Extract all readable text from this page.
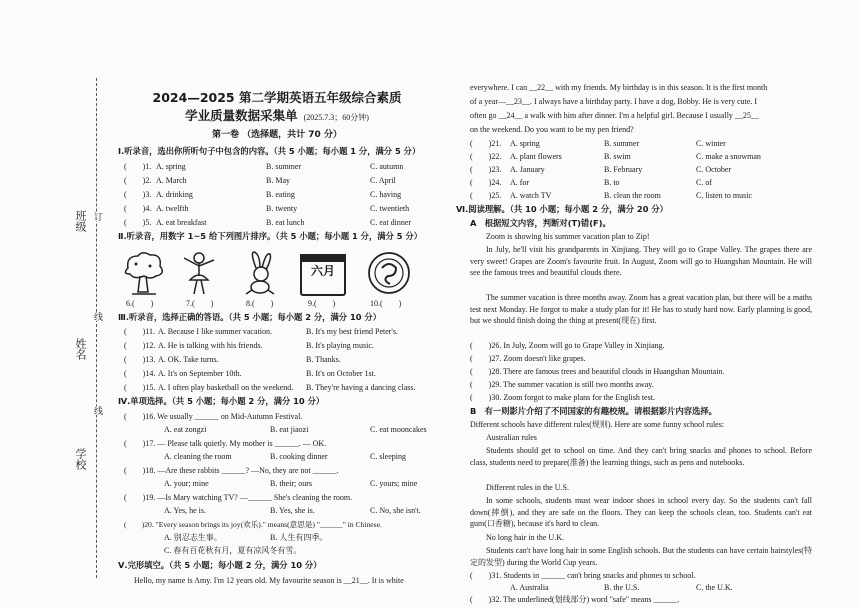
班级
姓名
学校
订
线
线
2024—2025 第二学期英语五年级综合素质
学业质量数据采集单 (2025.7.3；60分钟)
第一卷 （选择题，共计 70 分）
Ⅰ.听录音，选出你所听句子中包含的内容。（共 5 小题；每小题 1 分，满分 5 分）
(　　)1. A. spring	B. summer	C. autumn
(　　)2. A. March	B. May	C. April
(　　)3. A. drinking	B. eating	C. having
(　　)4. A. twelfth	B. twenty	C. twentieth
(　　)5. A. eat breakfast	B. eat lunch	C. eat dinner
Ⅱ.听录音，用数字 1~5 给下列图片排序。（共 5 小题；每小题 1 分，满分 5 分）
六月
6.(　　)	7.(　　)	8.(　　)	9.(　　)	10.(　　)
Ⅲ.听录音，选择正确的答语。（共 5 小题；每小题 2 分，满分 10 分）
(　　)11. A. Because I like summer vacation.	B. It's my best friend Peter's.
(　　)12. A. He is talking with his friends.	B. It's playing music.
(　　)13. A. OK. Take turns.	B. Thanks.
(　　)14. A. It's on September 10th.	B. It's on October 1st.
(　　)15. A. I often play basketball on the weekend. B. They're having a dancing class.
Ⅳ.单项选择。（共 5 小题；每小题 2 分，满分 10 分）
(　　)16. We usually ______ on Mid-Autumn Festival.
A. eat zongzi	B. eat jiaozi	C. eat mooncakes
(　　)17. — Please talk quietly. My mother is ______. — OK.
A. cleaning the room	B. cooking dinner	C. sleeping
(　　)18. —Are these rabbits ______? —No, they are not ______.
A. your; mine	B. their; ours	C. yours; mine
(　　)19. —Is Mary watching TV? —______ She's cleaning the room.
A. Yes, he is.	B. Yes, she is.	C. No, she isn't.
(　　)20. "Every season brings its joy(欢乐)." means(意思是) "______" in Chinese.
A. 别忍志生事。	B. 人生有四季。
C. 春有百花秋有月，夏有凉风冬有雪。
Ⅴ.完形填空。（共 5 小题；每小题 2 分，满分 10 分）
Hello, my name is Amy. I'm 12 years old. My favourite season is __21__. It is white
everywhere. I can __22__ with my friends. My birthday is in this season. It is the first month
of a year—__23__. I always have a birthday party. I have a dog, Bobby. He is very cute. I
often go __24__ a walk with him after dinner. I'm a helpful girl. Because I usually __25__
on the weekend. Do you want to be my pen friend?
(　　)21. A. spring	B. summer	C. winter
(　　)22. A. plant flowers	B. swim	C. make a snowman
(　　)23. A. January	B. February	C. October
(　　)24. A. for	B. to	C. of
(　　)25. A. watch TV	B. clean the room	C. listen to music
Ⅵ.阅读理解。（共 10 小题；每小题 2 分，满分 20 分）
A　根据短文内容，判断对(T)错(F)。
Zoom is showing his summer vacation plan to Zip!
In July, he'll visit his grandparents in Xinjiang. They will go to Grape Valley. The grapes there are very sweet! Grapes are Zoom's favourite fruit. In August, Zoom will go to Huangshan Mountain. He will see the famous trees and beautiful clouds there.
The summer vacation is three months away. Zoom has a great vacation plan, but there will be a maths test next Monday. He forgot to make a study plan for it! He has to study hard now. Early planning is good, but we should finish doing the thing at present(现在) first.
(　　)26. In July, Zoom will go to Grape Valley in Xinjiang.
(　　)27. Zoom doesn't like grapes.
(　　)28. There are famous trees and beautiful clouds in Huangshan Mountain.
(　　)29. The summer vacation is still two months away.
(　　)30. Zoom forgot to make plans for the English test.
B　有一则影片介绍了不同国家的有趣校规。请根据影片内容选择。
Different schools have different rules(规则). Here are some funny school rules:
Australian rules
Students should get to school on time. And they can't bring snacks and phones to school. Before class, students need to prepare(准备) the learning things, such as pens and notebooks.
Different rules in the U.S.
In some schools, students must wear indoor shoes in school every day. So the students can't fall down(摔倒), and they are safe on the floors. They can keep the schools clean, too. Students can't eat gum(口香糖), because it's hard to clean.
No long hair in the U.K.
Students can't have long hair in some English schools. But the students can have certain hairstyles(特定的发型) during the World Cup years.
(　　)31. Students in ______ can't bring snacks and phones to school.
A. Australia	B. the U.S.	C. the U.K.
(　　)32. The underlined(划线部分) word "safe" means ______.
